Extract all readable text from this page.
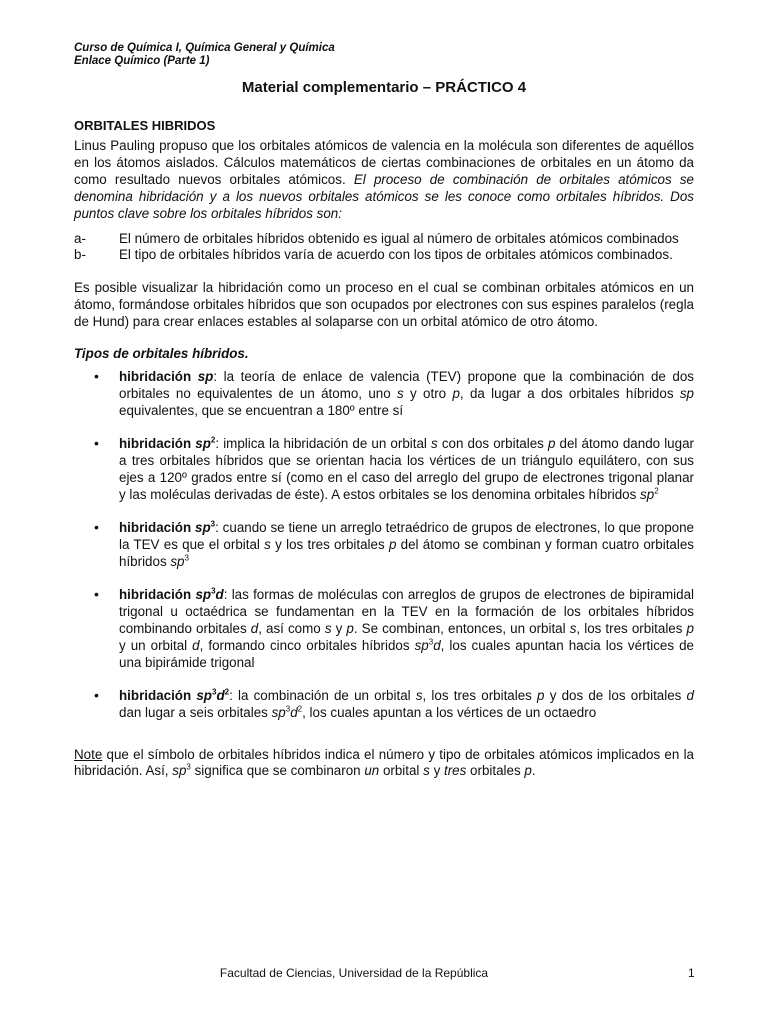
Curso de Química I, Química General y Química
Enlace Químico (Parte 1)
Material complementario – PRÁCTICO 4
ORBITALES HIBRIDOS

Linus Pauling propuso que los orbitales atómicos de valencia en la molécula son diferentes de aquéllos en los átomos aislados. Cálculos matemáticos de ciertas combinaciones de orbitales en un átomo da como resultado nuevos orbitales atómicos. El proceso de combinación de orbitales atómicos se denomina hibridación y a los nuevos orbitales atómicos se les conoce como orbitales híbridos. Dos puntos clave sobre los orbitales híbridos son:

a-	El número de orbitales híbridos obtenido es igual al número de orbitales atómicos combinados
b-	El tipo de orbitales híbridos varía de acuerdo con los tipos de orbitales atómicos combinados.

Es posible visualizar la hibridación como un proceso en el cual se combinan orbitales atómicos en un átomo, formándose orbitales híbridos que son ocupados por electrones con sus espines paralelos (regla de Hund) para crear enlaces estables al solaparse con un orbital atómico de otro átomo.

Tipos de orbitales híbridos.
•	hibridación sp: la teoría de enlace de valencia (TEV) propone que la combinación de dos orbitales no equivalentes de un átomo, uno s y otro p, da lugar a dos orbitales híbridos sp equivalentes, que se encuentran a 180º entre sí
•	hibridación $sp^2$: implica la hibridación de un orbital s con dos orbitales p del átomo dando lugar a tres orbitales híbridos que se orientan hacia los vértices de un triángulo equilátero, con sus ejes a 120º grados entre sí (como en el caso del arreglo del grupo de electrones trigonal planar y las moléculas derivadas de éste). A estos orbitales se los denomina orbitales híbridos $sp^2$
•	hibridación $sp^3$: cuando se tiene un arreglo tetraédrico de grupos de electrones, lo que propone la TEV es que el orbital s y los tres orbitales p del átomo se combinan y forman cuatro orbitales híbridos $sp^3$
•	hibridación $sp^3d$: las formas de moléculas con arreglos de grupos de electrones de bipiramidal trigonal u octaédrica se fundamentan en la TEV en la formación de los orbitales híbridos combinando orbitales d, así como s y p. Se combinan, entonces, un orbital s, los tres orbitales p y un orbital d, formando cinco orbitales híbridos $sp^3d$, los cuales apuntan hacia los vértices de una bipirámide trigonal
•	hibridación $sp^3d^2$: la combinación de un orbital s, los tres orbitales p y dos de los orbitales d dan lugar a seis orbitales $sp^3d^2$, los cuales apuntan a los vértices de un octaedro

Note que el símbolo de orbitales híbridos indica el número y tipo de orbitales atómicos implicados en la hibridación. Así, $sp^3$ significa que se combinaron un orbital s y tres orbitales p.

Facultad de Ciencias, Universidad de la República	1
